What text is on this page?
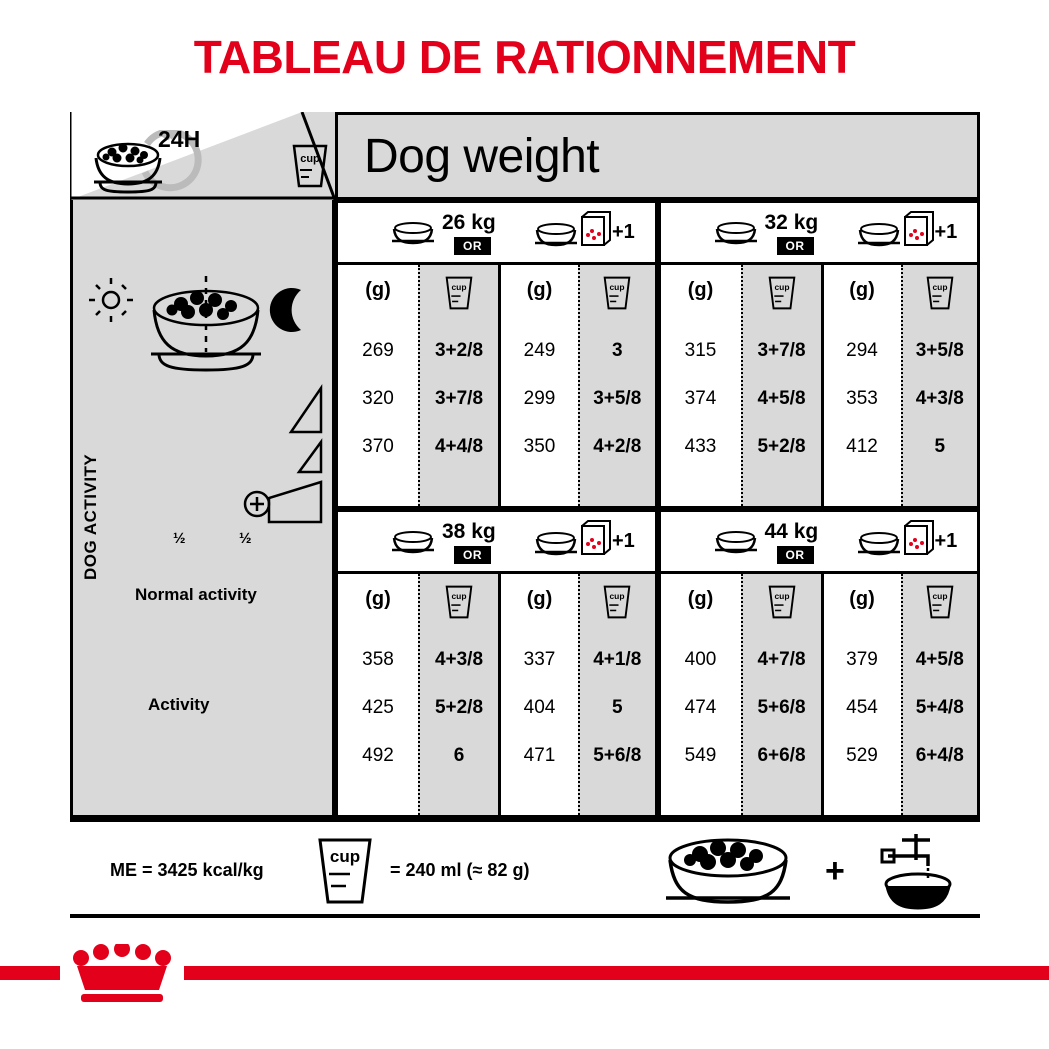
TABLEAU DE RATIONNEMENT
24H
cup Dog weight
½	½
DOG ACTIVITY
Normal activity
Activity
26 kg
OR
+1
(g)
269
320
370
cup
3+2/8
3+7/8
4+4/8
(g)
249
299
350
cup
3
3+5/8
4+2/8
32 kg
OR
+1
(g)
315
374
433
cup
3+7/8
4+5/8
5+2/8
(g)
294
353
412
cup
3+5/8
4+3/8
5
38 kg
OR
+1
(g)
358
425
492
cup
4+3/8
5+2/8
6
(g)
337
404
471
cup
4+1/8
5
5+6/8
44 kg
OR
+1
(g)
400
474
549
cup
4+7/8
5+6/8
6+6/8
(g)
379
454
529
cup
4+5/8
5+4/8
6+4/8
ME = 3425 kcal/kg
cup
= 240 ml (≈ 82 g)	+
